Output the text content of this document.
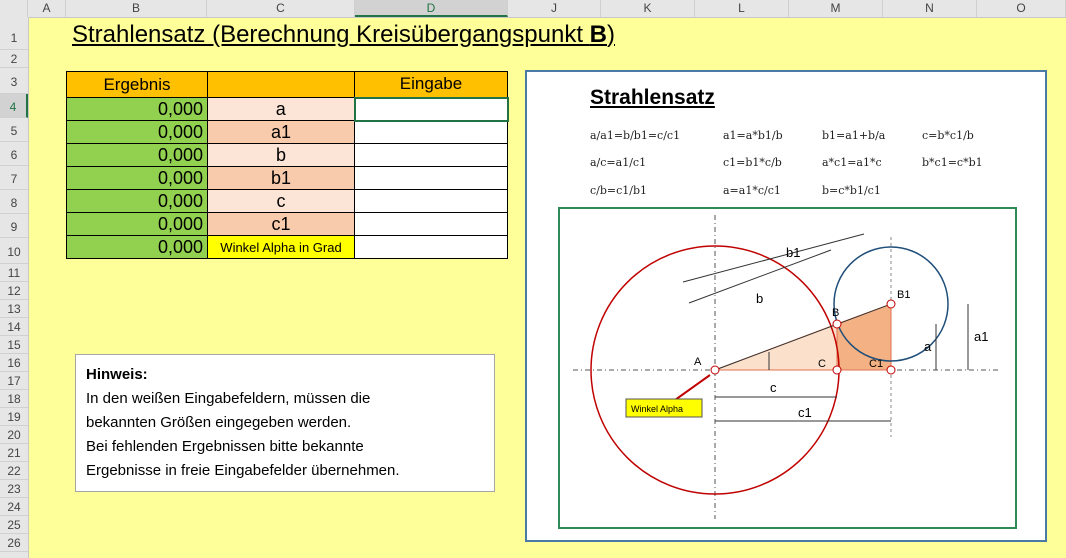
A	B	C	D	J	K	L	M	N	O
1
2
3
4
5
6
7
8
9
10
11
12
13
14
15
16
17
18
19
20
21
22
23
24
25
26
Strahlensatz (Berechnung Kreisübergangspunkt B)
Ergebnis		Eingabe
0,000	a	
0,000	a1	
0,000	b	
0,000	b1	
0,000	c	
0,000	c1	
0,000	Winkel Alpha in Grad	
Hinweis:
In den weißen Eingabefeldern, müssen die
bekannten Größen eingegeben werden.
Bei fehlenden Ergebnissen bitte bekannte
Ergebnisse in freie Eingabefelder übernehmen.
Strahlensatz
a/a1=b/b1=c/c1	a1=a*b1/b	b1=a1+b/a	c=b*c1/b
a/c=a1/c1	c1=b1*c/b	a*c1=a1*c	b*c1=c*b1
c/b=c1/b1	a=a1*c/c1	b=c*b1/c1
A
B
B1
C	C1
a
a1
b
b1
c
c1
Winkel Alpha
